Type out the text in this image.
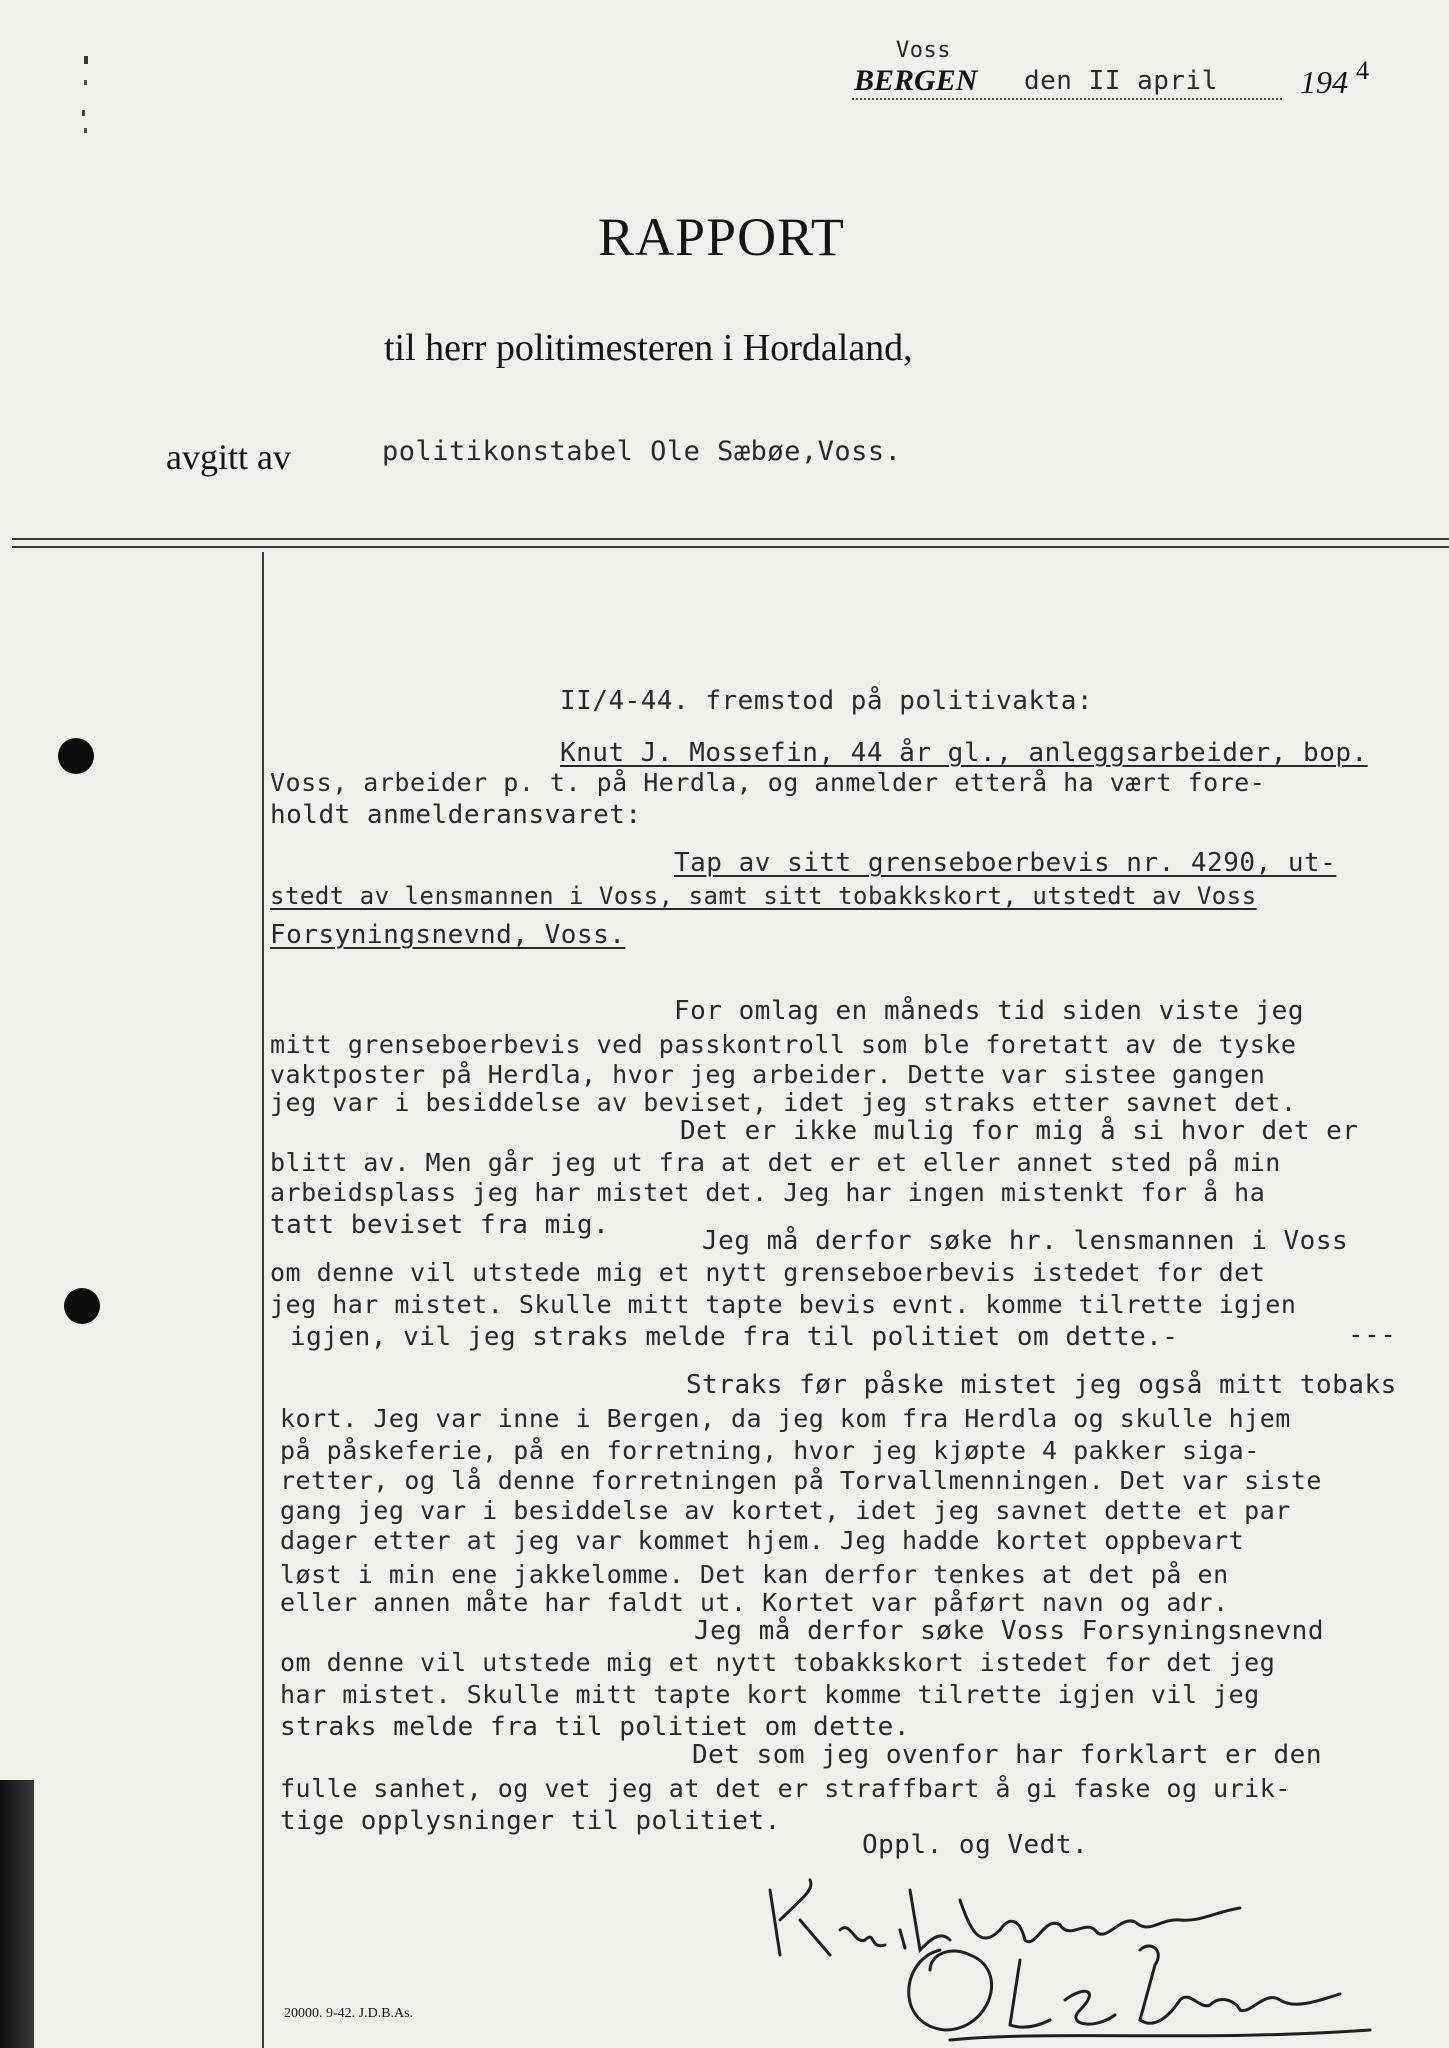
Voss
BERGEN den II april	194 4
RAPPORT
til herr politimesteren i Hordaland,
avgitt av	politikonstabel Ole Sæbøe,Voss.
II/4-44. fremstod på politivakta:
Knut J. Mossefin, 44 år gl., anleggsarbeider, bop.
Voss, arbeider p. t. på Herdla, og anmelder etterå ha vært fore-
holdt anmelderansvaret:
Tap av sitt grenseboerbevis nr. 4290, ut-
stedt av lensmannen i Voss, samt sitt tobakkskort, utstedt av Voss
Forsyningsnevnd, Voss.
For omlag en måneds tid siden viste jeg
mitt grenseboerbevis ved passkontroll som ble foretatt av de tyske
vaktposter på Herdla, hvor jeg arbeider. Dette var sistee gangen
jeg var i besiddelse av beviset, idet jeg straks etter savnet det.
Det er ikke mulig for mig å si hvor det er
blitt av. Men går jeg ut fra at det er et eller annet sted på min
arbeidsplass jeg har mistet det. Jeg har ingen mistenkt for å ha
tatt beviset fra mig.
Jeg må derfor søke hr. lensmannen i Voss
om denne vil utstede mig et nytt grenseboerbevis istedet for det
jeg har mistet. Skulle mitt tapte bevis evnt. komme tilrette igjen
igjen, vil jeg straks melde fra til politiet om dette.-	---
Straks før påske mistet jeg også mitt tobaks
kort. Jeg var inne i Bergen, da jeg kom fra Herdla og skulle hjem
på påskeferie, på en forretning, hvor jeg kjøpte 4 pakker siga-
retter, og lå denne forretningen på Torvallmenningen. Det var siste
gang jeg var i besiddelse av kortet, idet jeg savnet dette et par
dager etter at jeg var kommet hjem. Jeg hadde kortet oppbevart
løst i min ene jakkelomme. Det kan derfor tenkes at det på en
eller annen måte har faldt ut. Kortet var påført navn og adr.
Jeg må derfor søke Voss Forsyningsnevnd
om denne vil utstede mig et nytt tobakkskort istedet for det jeg
har mistet. Skulle mitt tapte kort komme tilrette igjen vil jeg
straks melde fra til politiet om dette.
Det som jeg ovenfor har forklart er den
fulle sanhet, og vet jeg at det er straffbart å gi faske og urik-
tige opplysninger til politiet.
Oppl. og Vedt.
20000. 9-42. J.D.B.As.
